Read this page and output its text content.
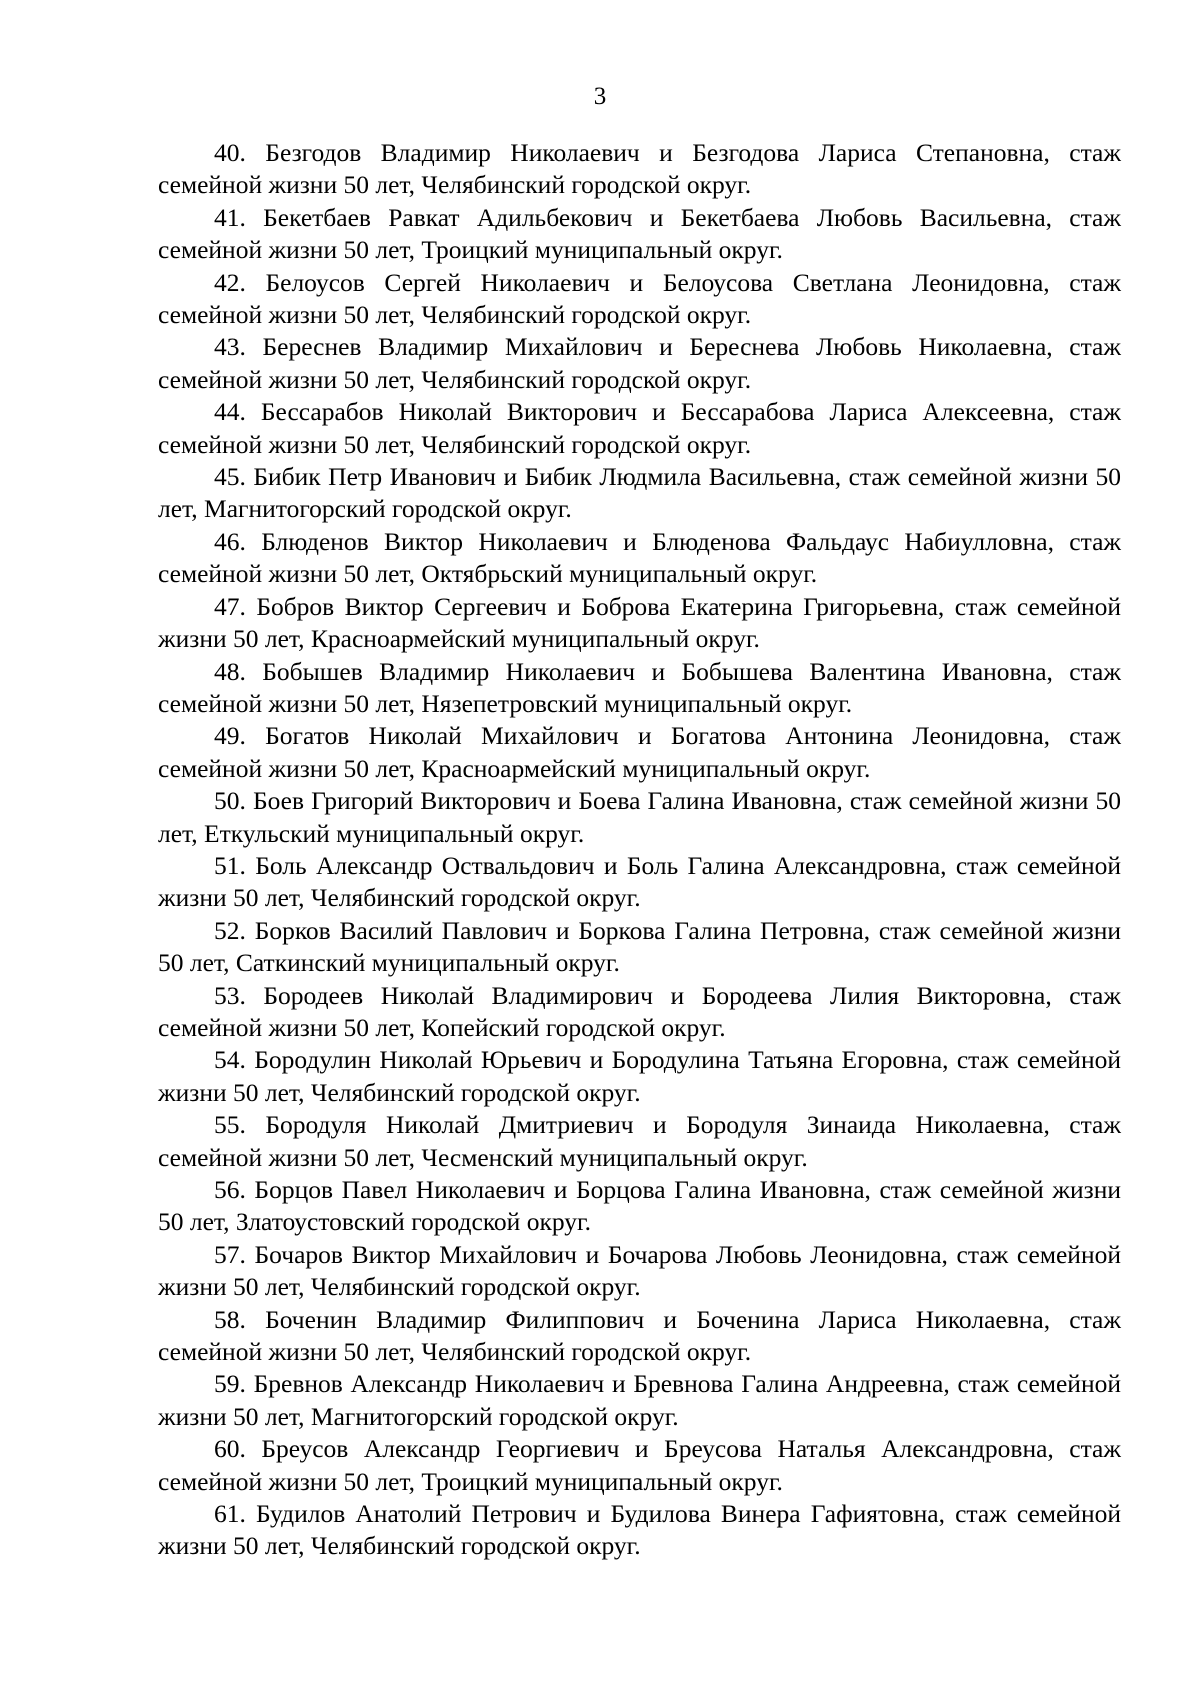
3

40. Безгодов Владимир Николаевич и Безгодова Лариса Степановна, стаж семейной жизни 50 лет, Челябинский городской округ.

41. Бекетбаев Равкат Адильбекович и Бекетбаева Любовь Васильевна, стаж семейной жизни 50 лет, Троицкий муниципальный округ.

42. Белоусов Сергей Николаевич и Белоусова Светлана Леонидовна, стаж семейной жизни 50 лет, Челябинский городской округ.

43. Береснев Владимир Михайлович и Береснева Любовь Николаевна, стаж семейной жизни 50 лет, Челябинский городской округ.

44. Бессарабов Николай Викторович и Бессарабова Лариса Алексеевна, стаж семейной жизни 50 лет, Челябинский городской округ.

45. Бибик Петр Иванович и Бибик Людмила Васильевна, стаж семейной жизни 50 лет, Магнитогорский городской округ.

46. Блюденов Виктор Николаевич и Блюденова Фальдаус Набиулловна, стаж семейной жизни 50 лет, Октябрьский муниципальный округ.

47. Бобров Виктор Сергеевич и Боброва Екатерина Григорьевна, стаж семейной жизни 50 лет, Красноармейский муниципальный округ.

48. Бобышев Владимир Николаевич и Бобышева Валентина Ивановна, стаж семейной жизни 50 лет, Нязепетровский муниципальный округ.

49. Богатов Николай Михайлович и Богатова Антонина Леонидовна, стаж семейной жизни 50 лет, Красноармейский муниципальный округ.

50. Боев Григорий Викторович и Боева Галина Ивановна, стаж семейной жизни 50 лет, Еткульский муниципальный округ.

51. Боль Александр Оствальдович и Боль Галина Александровна, стаж семейной жизни 50 лет, Челябинский городской округ.

52. Борков Василий Павлович и Боркова Галина Петровна, стаж семейной жизни 50 лет, Саткинский муниципальный округ.

53. Бородеев Николай Владимирович и Бородеева Лилия Викторовна, стаж семейной жизни 50 лет, Копейский городской округ.

54. Бородулин Николай Юрьевич и Бородулина Татьяна Егоровна, стаж семейной жизни 50 лет, Челябинский городской округ.

55. Бородуля Николай Дмитриевич и Бородуля Зинаида Николаевна, стаж семейной жизни 50 лет, Чесменский муниципальный округ.

56. Борцов Павел Николаевич и Борцова Галина Ивановна, стаж семейной жизни 50 лет, Златоустовский городской округ.

57. Бочаров Виктор Михайлович и Бочарова Любовь Леонидовна, стаж семейной жизни 50 лет, Челябинский городской округ.

58. Боченин Владимир Филиппович и Боченина Лариса Николаевна, стаж семейной жизни 50 лет, Челябинский городской округ.

59. Бревнов Александр Николаевич и Бревнова Галина Андреевна, стаж семейной жизни 50 лет, Магнитогорский городской округ.

60. Бреусов Александр Георгиевич и Бреусова Наталья Александровна, стаж семейной жизни 50 лет, Троицкий муниципальный округ.

61. Будилов Анатолий Петрович и Будилова Винера Гафиятовна, стаж семейной жизни 50 лет, Челябинский городской округ.
